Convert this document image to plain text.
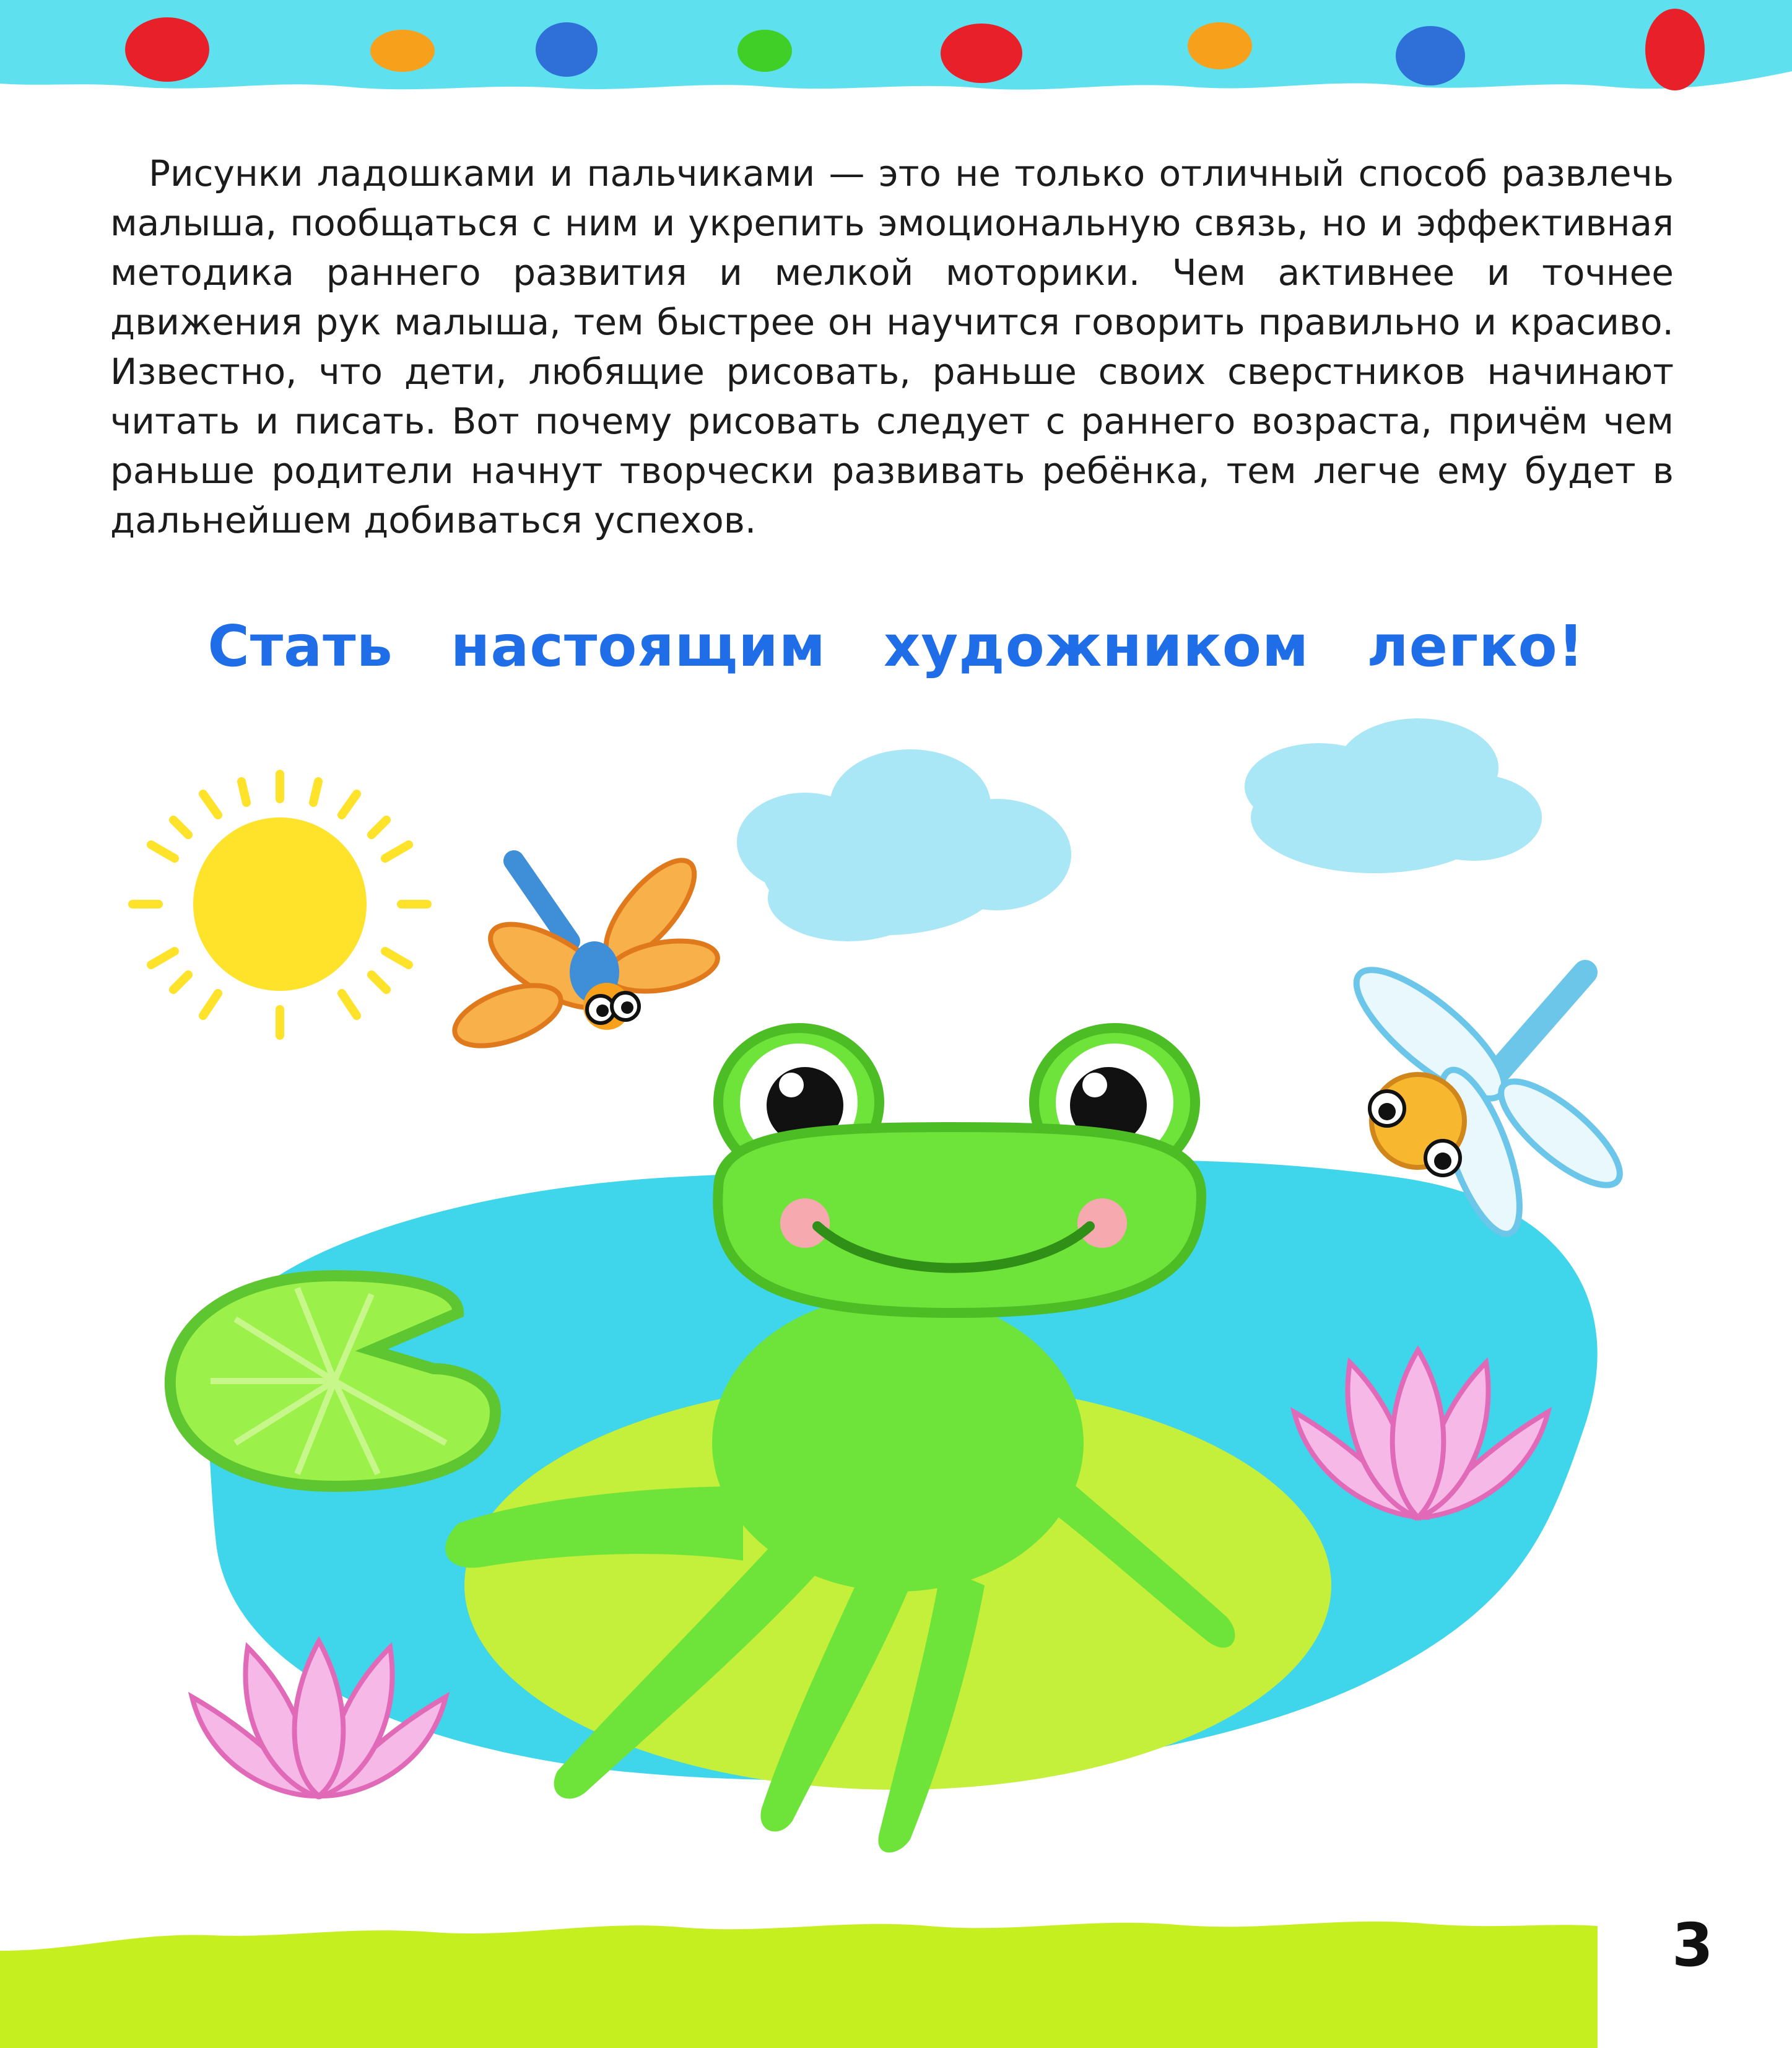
Рисунки ладошками и пальчиками — это не только отличный способ развлечь малыша, пообщаться с ним и укрепить эмоциональную связь, но и эффективная методика раннего развития и мелкой моторики. Чем активнее и точнее движения рук малыша, тем быстрее он научится говорить правильно и красиво. Известно, что дети, любящие рисовать, раньше своих сверстников начинают читать и писать. Вот почему рисовать следует с раннего возраста, причём чем раньше родители начнут творчески развивать ребёнка, тем легче ему будет в дальнейшем добиваться успехов.
Стать настоящим художником легко!
3
